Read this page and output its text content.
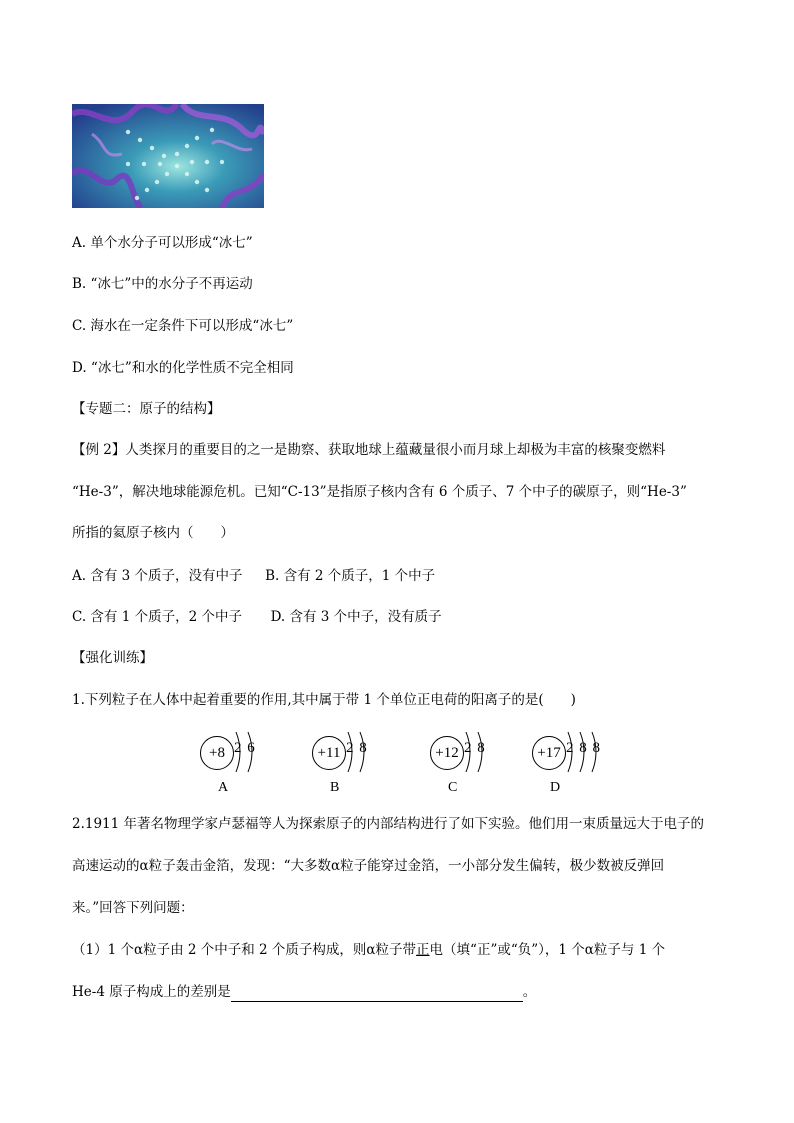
A. 单个水分子可以形成“冰七”
B. “冰七”中的水分子不再运动
C. 海水在一定条件下可以形成“冰七”
D. “冰七”和水的化学性质不完全相同
【专题二：原子的结构】
【例 2】人类探月的重要目的之一是勘察、获取地球上蕴藏量很小而月球上却极为丰富的核聚变燃料
“He-3”，解决地球能源危机。已知“C-13”是指原子核内含有 6 个质子、7 个中子的碳原子，则“He-3”
所指的氦原子核内（　　）
A. 含有 3 个质子，没有中子 B. 含有 2 个质子，1 个中子
C. 含有 1 个质子，2 个中子 D. 含有 3 个中子，没有质子
【强化训练】
1.下列粒子在人体中起着重要的作用,其中属于带 1 个单位正电荷的阳离子的是(　　)
+8 2 6
A
+11 2 8
B
+12 2 8
C
+17 2 8 8
D
2.1911 年著名物理学家卢瑟福等人为探索原子的内部结构进行了如下实验。他们用一束质量远大于电子的
高速运动的α粒子轰击金箔，发现：“大多数α粒子能穿过金箔，一小部分发生偏转，极少数被反弹回
来。”回答下列问题：
（1）1 个α粒子由 2 个中子和 2 个质子构成，则α粒子带正电（填“正”或“负”），1 个α粒子与 1 个
He-4 原子构成上的差别是	。
